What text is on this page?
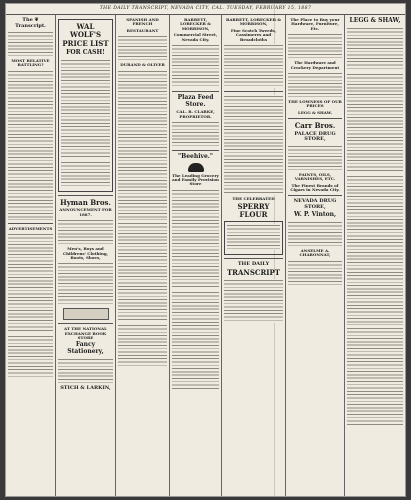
THE DAILY TRANSCRIPT, NEVADA CITY, CAL. TUESDAY, FEBRUARY 15, 1887
The ❦ Transcript.
MOST RELATIVE RATTLING?
ADVERTISEMENTS
WAL WOLF'S
PRICE LIST
FOR CASH!
Hyman Bros.
ANNOUNCEMENT FOR 1887.
Men's, Boys and Childrens' Clothing, Boots, Shoes,
AT THE NATIONAL EXCHANGE BOOK STORE
Fancy Stationery,
STICH & LARKIN,
SPANISH AND FRENCH
RESTAURANT
DURAND & OLIVER
BARRETT, LOBECKER & MORRISON,
Commercial Street, Nevada City.
Plaza Feed Store.
CAL. R. CLARKE, PROPRIETOR.
"Beehive."
The Leading Grocery and Family Provision Store
BARRETT, LOBECKER & MORRISON,
Fine Scotch Tweeds, Cassimeres and Broadcloths
THE CELEBRATED
SPERRY FLOUR
THE DAILY
TRANSCRIPT
The Place to Buy your Hardware, Furniture, Etc.
The Hardware and Crockery Department
THE LOWNESS OF OUR PRICES
LEGG & SHAW.
Carr Bros.
PALACE DRUG STORE,
PAINTS, OILS, VARNISHES, ETC.
The Finest Brands of Cigars in Nevada City.
NEVADA DRUG STORE,
W. P. Vinton,
ANSELME A. CHARONNAT,
LEGG & SHAW,
